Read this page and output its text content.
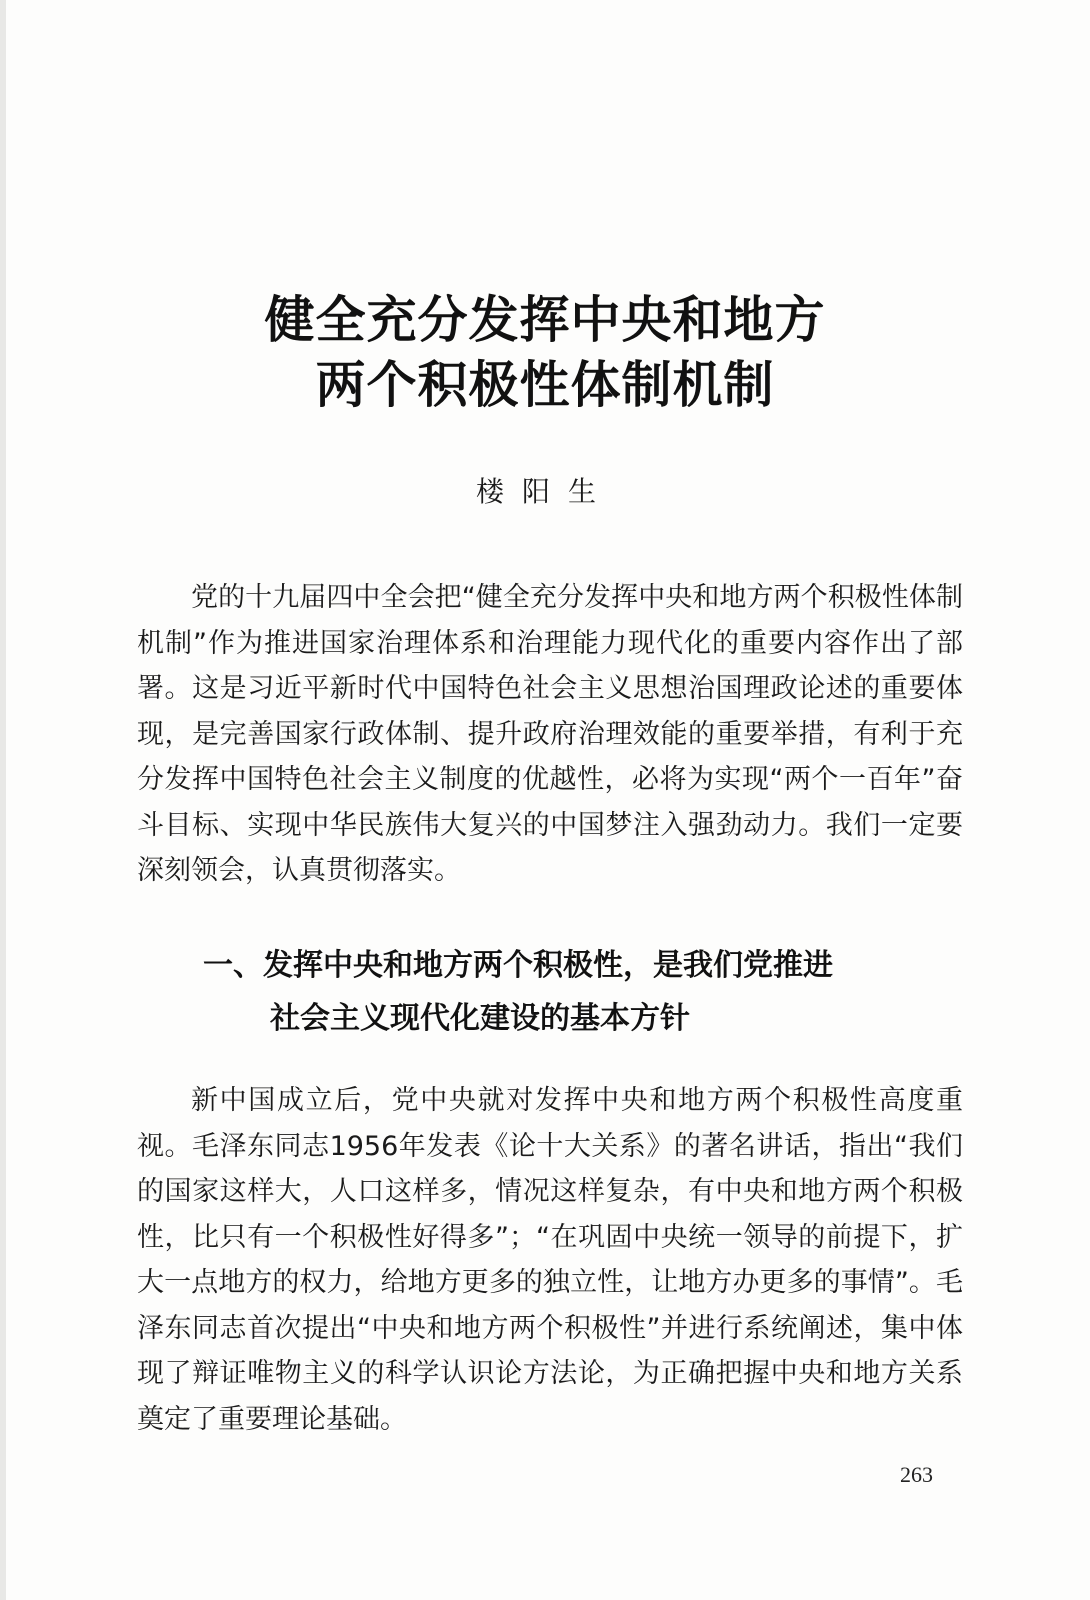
健全充分发挥中央和地方
两个积极性体制机制
楼阳生

党的十九届四中全会把“健全充分发挥中央和地方两个积极性体制机制”作为推进国家治理体系和治理能力现代化的重要内容作出了部署。这是习近平新时代中国特色社会主义思想治国理政论述的重要体现，是完善国家行政体制、提升政府治理效能的重要举措，有利于充分发挥中国特色社会主义制度的优越性，必将为实现“两个一百年”奋斗目标、实现中华民族伟大复兴的中国梦注入强劲动力。我们一定要深刻领会，认真贯彻落实。

一、发挥中央和地方两个积极性，是我们党推进
社会主义现代化建设的基本方针

新中国成立后，党中央就对发挥中央和地方两个积极性高度重视。毛泽东同志1956年发表《论十大关系》的著名讲话，指出“我们的国家这样大，人口这样多，情况这样复杂，有中央和地方两个积极性，比只有一个积极性好得多”；“在巩固中央统一领导的前提下，扩大一点地方的权力，给地方更多的独立性，让地方办更多的事情”。毛泽东同志首次提出“中央和地方两个积极性”并进行系统阐述，集中体现了辩证唯物主义的科学认识论方法论，为正确把握中央和地方关系奠定了重要理论基础。

263
